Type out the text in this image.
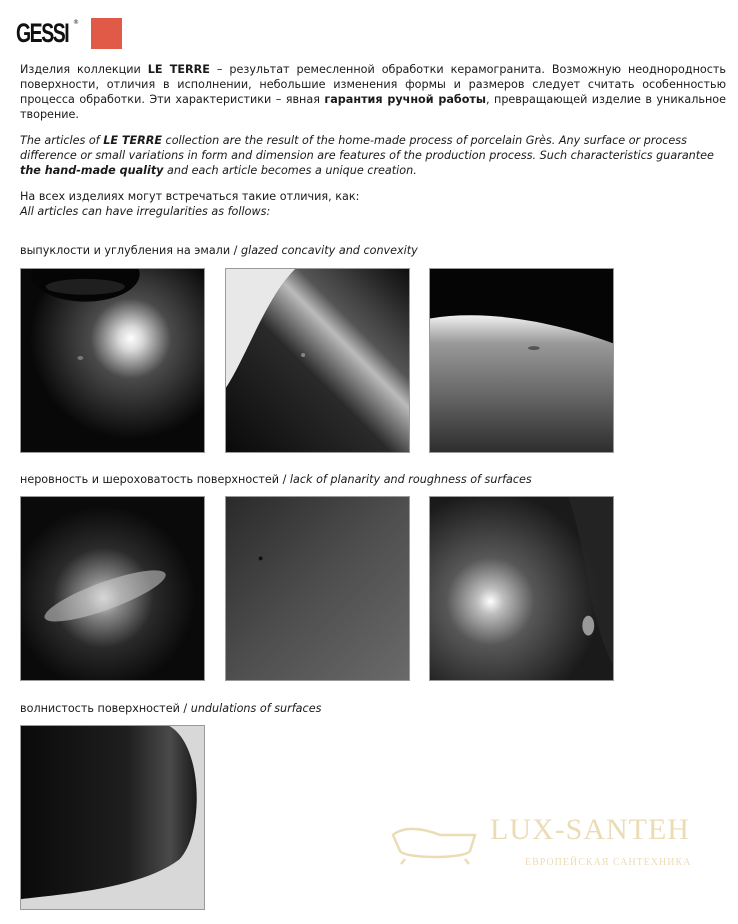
GESSI ®

Изделия коллекции LE TERRE – результат ремесленной обработки керамогранита. Возможную неоднородность поверхности, отличия в исполнении, небольшие изменения формы и размеров следует считать особенностью процесса обработки. Эти характеристики – явная гарантия ручной работы, превращающей изделие в уникальное творение.

The articles of LE TERRE collection are the result of the home-made process of porcelain Grès. Any surface or process difference or small variations in form and dimension are features of the production process. Such characteristics guarantee the hand-made quality and each article becomes a unique creation.

На всех изделиях могут встречаться такие отличия, как:

All articles can have irregularities as follows:

выпуклости и углубления на эмали / glazed concavity and convexity

неровность и шероховатость поверхностей / lack of planarity and roughness of surfaces

волнистость поверхностей / undulations of surfaces

LUX-SANTEH
ЕВРОПЕЙСКАЯ САНТЕХНИКА
